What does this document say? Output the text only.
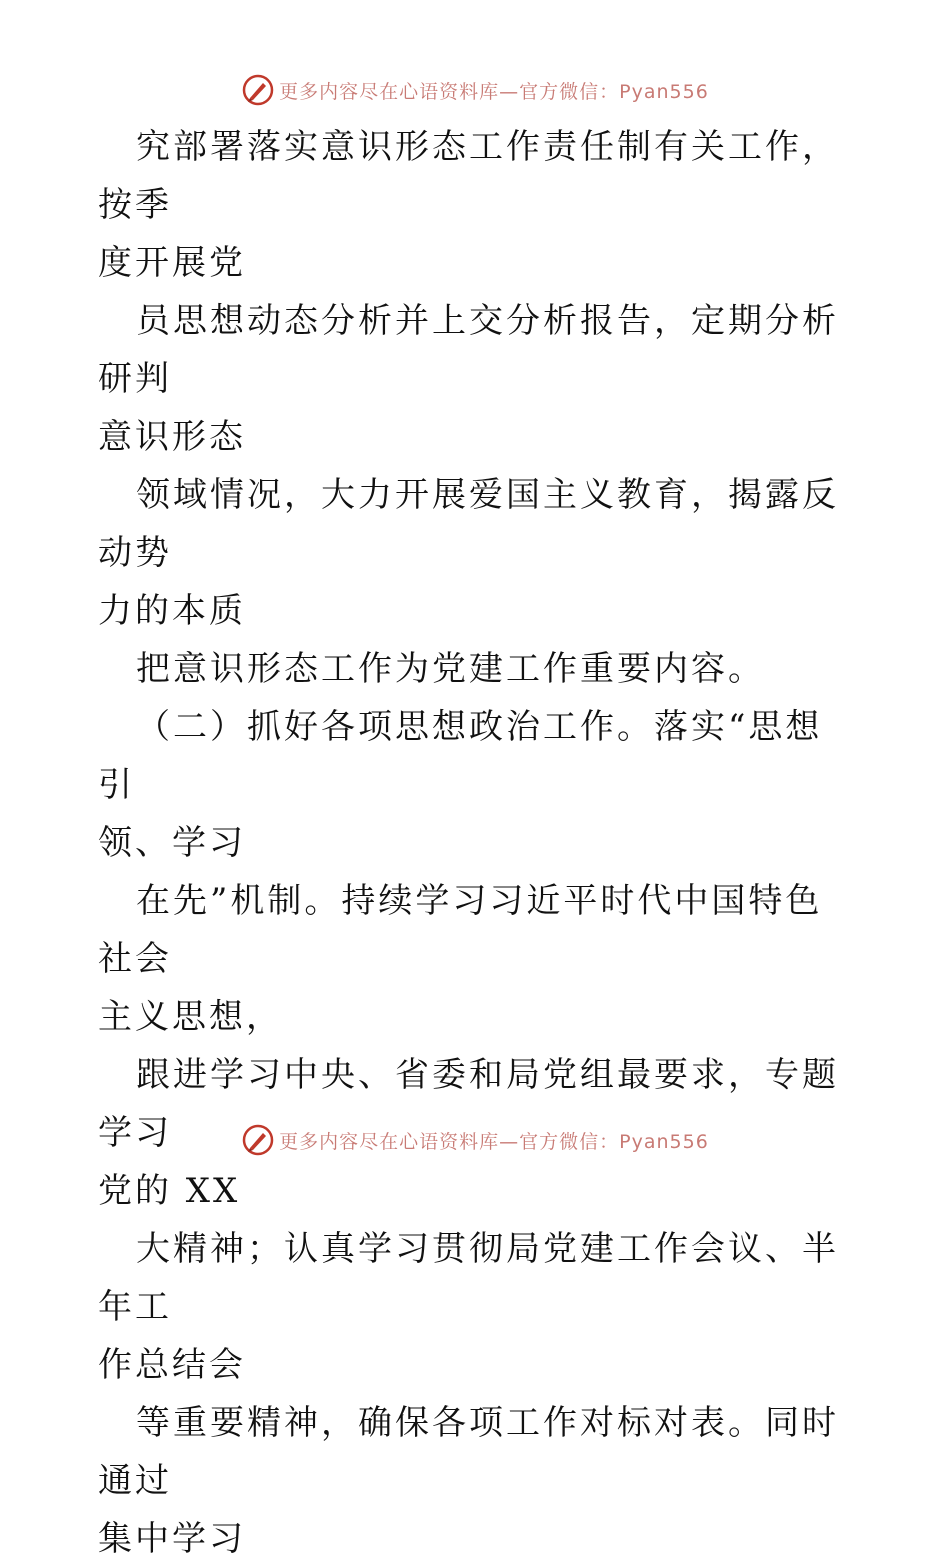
更多内容尽在心语资料库—官方微信：Pyan556

究部署落实意识形态工作责任制有关工作，按季
度开展党

员思想动态分析并上交分析报告，定期分析研判
意识形态

领域情况，大力开展爱国主义教育，揭露反动势
力的本质

把意识形态工作为党建工作重要内容。

（二）抓好各项思想政治工作。落实“思想引
领、学习

在先”机制。持续学习习近平时代中国特色社会
主义思想，

跟进学习中央、省委和局党组最要求，专题学习
党的 XX

大精神；认真学习贯彻局党建工作会议、半年工
作总结会

等重要精神，确保各项工作对标对表。同时通过
集中学习

更多内容尽在心语资料库—官方微信：Pyan556
